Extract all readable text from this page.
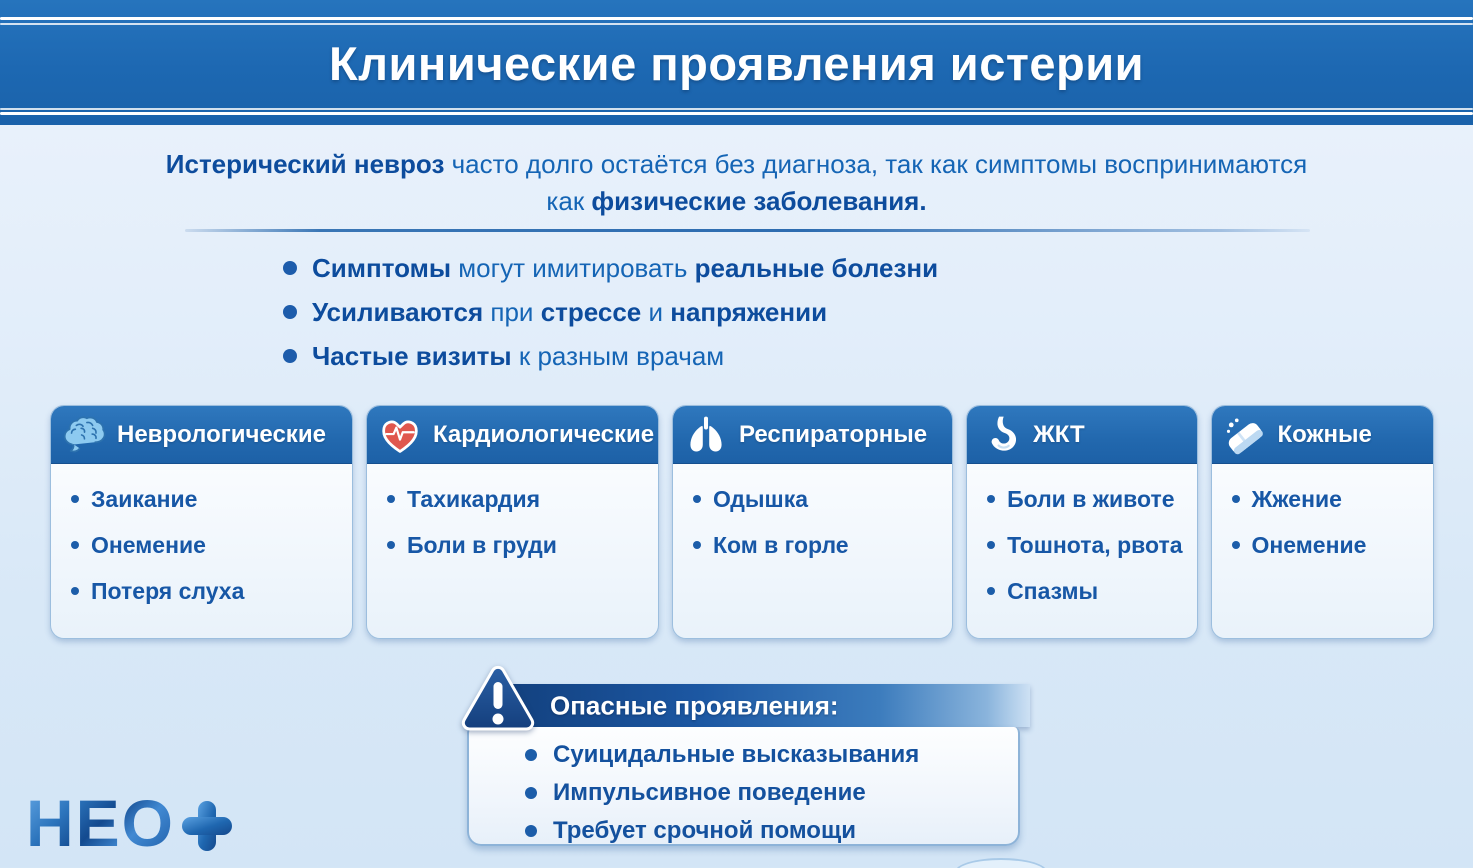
Клинические проявления истерии

Истерический невроз часто долго остаётся без диагноза, так как симптомы воспринимаются как физические заболевания.

Симптомы могут имитировать реальные болезни
Усиливаются при стрессе и напряжении
Частые визиты к разным врачам
Неврологические
Заикание
Онемение
Потеря слуха
Кардиологические
Тахикардия
Боли в груди
Респираторные
Одышка
Ком в горле
ЖКТ
Боли в животе
Тошнота, рвота
Спазмы
Кожные
Жжение
Онемение
Опасные проявления:
Суицидальные высказывания
Импульсивное поведение
Требует срочной помощи
НЕО
